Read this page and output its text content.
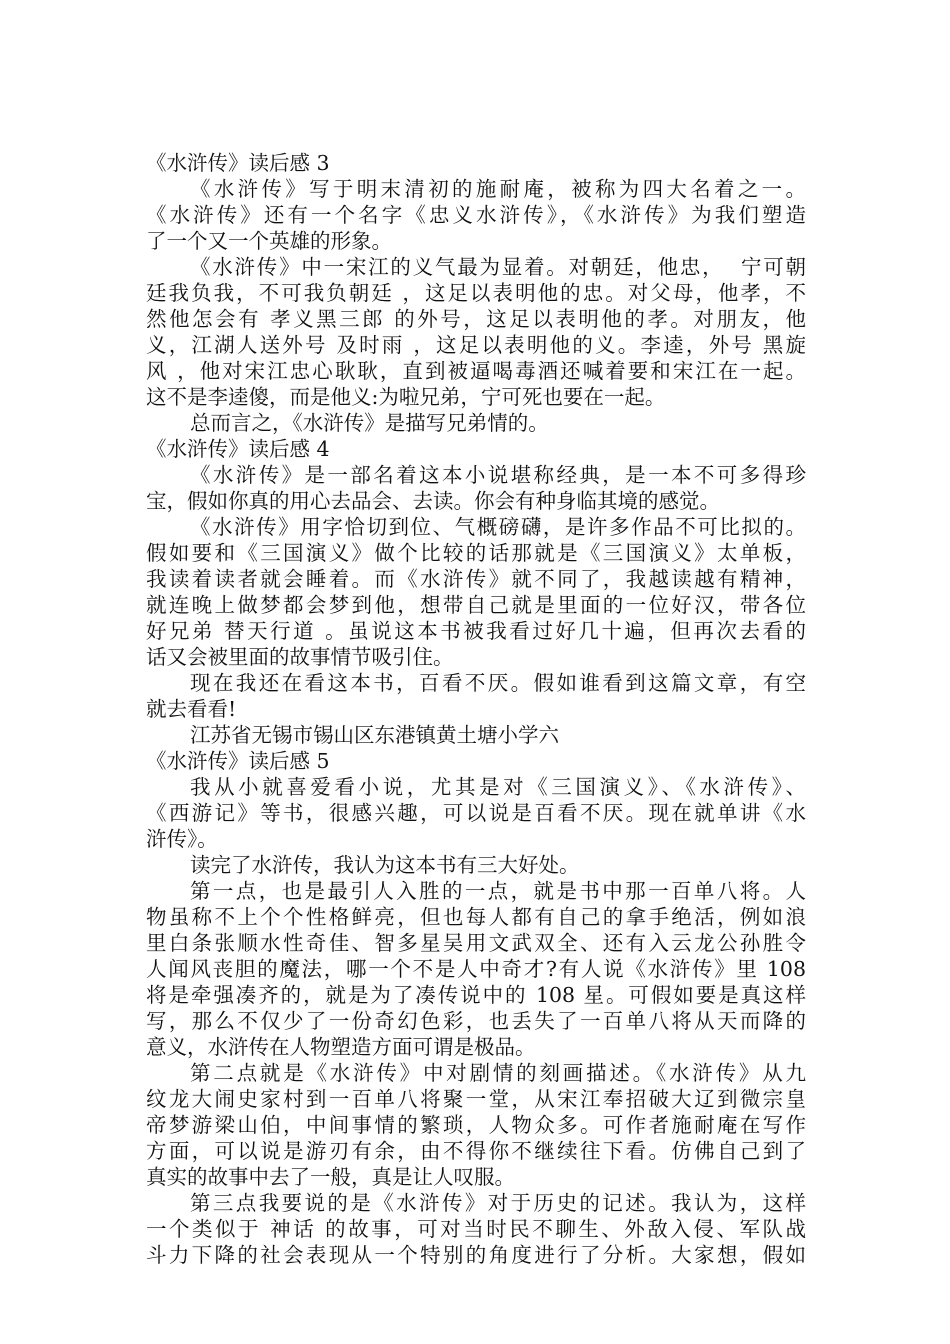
《水浒传》读后感 3
《水浒传》写于明末清初的施耐庵，被称为四大名着之一。
《水浒传》还有一个名字《忠义水浒传》，《水浒传》为我们塑造
了一个又一个英雄的形象。
《水浒传》中一宋江的义气最为显着。对朝廷，他忠，  宁可朝
廷我负我，不可我负朝廷 ，这足以表明他的忠。对父母，他孝，不
然他怎会有 孝义黑三郎 的外号，这足以表明他的孝。对朋友，他
义，江湖人送外号 及时雨 ，这足以表明他的义。李逵，外号 黑旋
风 ，他对宋江忠心耿耿，直到被逼喝毒酒还喊着要和宋江在一起。
这不是李逵傻，而是他义:为啦兄弟，宁可死也要在一起。
总而言之，《水浒传》是描写兄弟情的。
《水浒传》读后感 4
《水浒传》是一部名着这本小说堪称经典，是一本不可多得珍
宝，假如你真的用心去品会、去读。你会有种身临其境的感觉。
《水浒传》用字恰切到位、气概磅礴，是许多作品不可比拟的。
假如要和《三国演义》做个比较的话那就是《三国演义》太单板，
我读着读者就会睡着。而《水浒传》就不同了，我越读越有精神，
就连晚上做梦都会梦到他，想带自己就是里面的一位好汉，带各位
好兄弟 替天行道 。虽说这本书被我看过好几十遍，但再次去看的
话又会被里面的故事情节吸引住。
现在我还在看这本书，百看不厌。假如谁看到这篇文章，有空
就去看看!
江苏省无锡市锡山区东港镇黄土塘小学六
《水浒传》读后感 5
我从小就喜爱看小说，尤其是对《三国演义》、《水浒传》、
《西游记》等书，很感兴趣，可以说是百看不厌。现在就单讲《水
浒传》。
读完了水浒传，我认为这本书有三大好处。
第一点，也是最引人入胜的一点，就是书中那一百单八将。人
物虽称不上个个性格鲜亮，但也每人都有自己的拿手绝活，例如浪
里白条张顺水性奇佳、智多星吴用文武双全、还有入云龙公孙胜令
人闻风丧胆的魔法，哪一个不是人中奇才?有人说《水浒传》里 108
将是牵强凑齐的，就是为了凑传说中的 108 星。可假如要是真这样
写，那么不仅少了一份奇幻色彩，也丢失了一百单八将从天而降的
意义，水浒传在人物塑造方面可谓是极品。
第二点就是《水浒传》中对剧情的刻画描述。《水浒传》从九
纹龙大闹史家村到一百单八将聚一堂，从宋江奉招破大辽到微宗皇
帝梦游梁山伯，中间事情的繁琐，人物众多。可作者施耐庵在写作
方面，可以说是游刃有余，由不得你不继续往下看。仿佛自己到了
真实的故事中去了一般，真是让人叹服。
第三点我要说的是《水浒传》对于历史的记述。我认为，这样
一个类似于 神话 的故事，可对当时民不聊生、外敌入侵、军队战
斗力下降的社会表现从一个特别的角度进行了分析。大家想，假如
